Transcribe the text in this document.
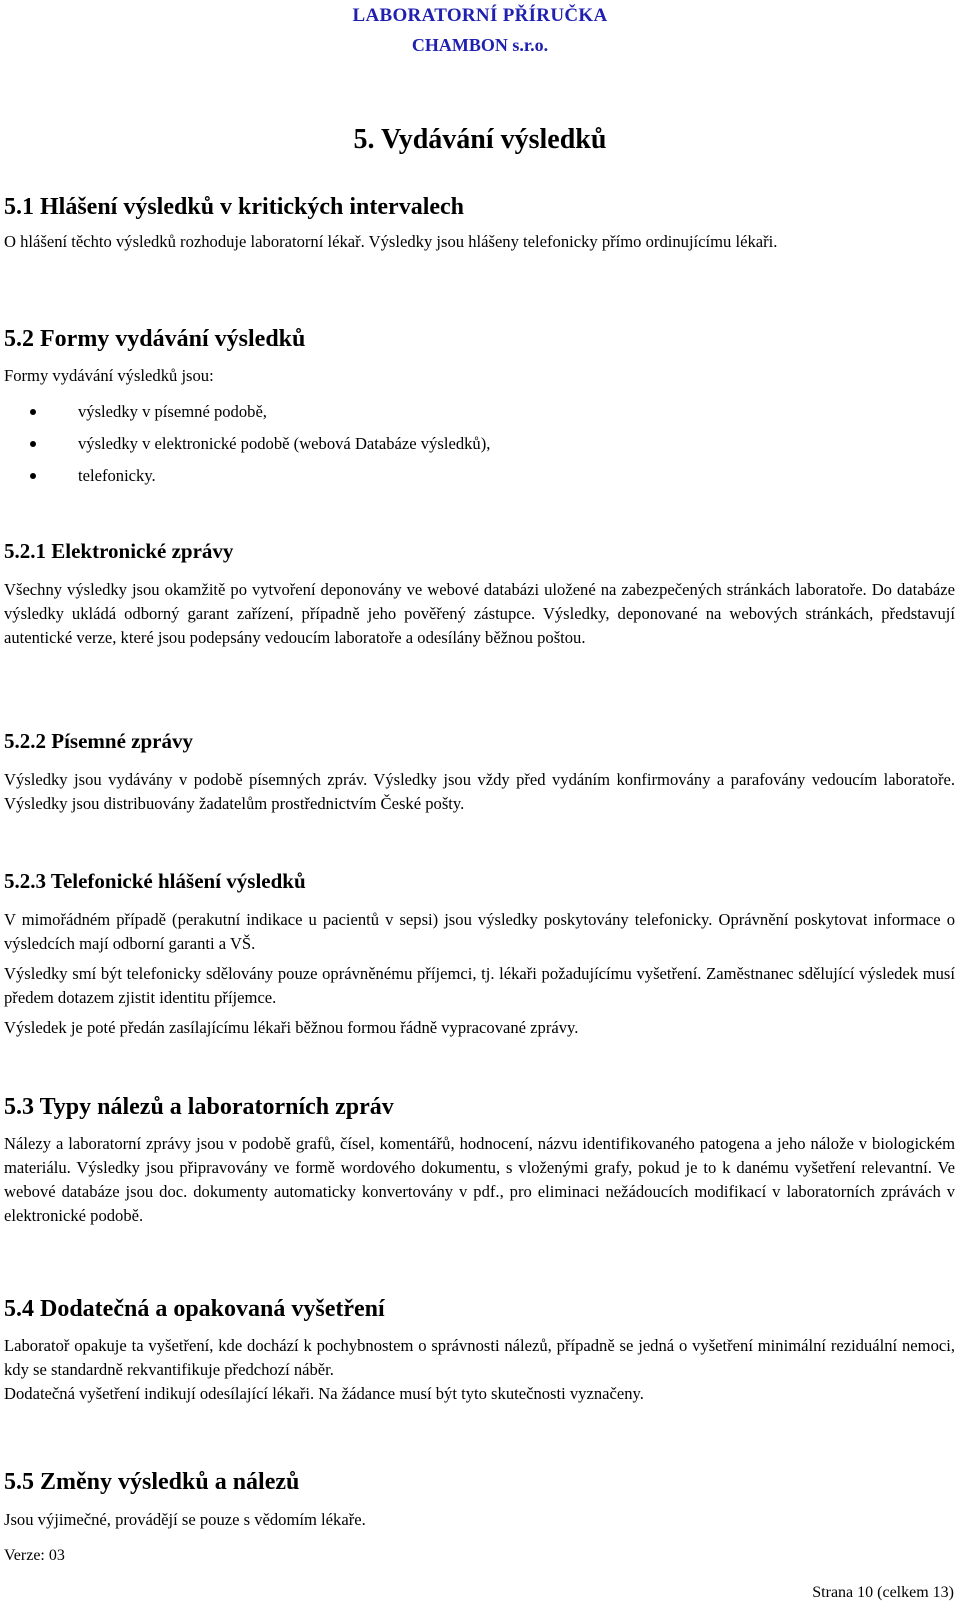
LABORATORNÍ PŘÍRUČKA
CHAMBON s.r.o.
5. Vydávání výsledků
5.1 Hlášení výsledků v kritických intervalech
O hlášení těchto výsledků rozhoduje laboratorní lékař. Výsledky jsou hlášeny telefonicky přímo ordinujícímu lékaři.
5.2 Formy vydávání výsledků
Formy vydávání výsledků jsou:
výsledky v písemné podobě,
výsledky v elektronické podobě (webová Databáze výsledků),
telefonicky.
5.2.1 Elektronické zprávy
Všechny výsledky jsou okamžitě po vytvoření deponovány ve webové databázi uložené na zabezpečených stránkách laboratoře. Do databáze výsledky ukládá odborný garant zařízení, případně jeho pověřený zástupce. Výsledky, deponované na webových stránkách, představují autentické verze, které jsou podepsány vedoucím laboratoře a odesílány běžnou poštou.
5.2.2 Písemné zprávy
Výsledky jsou vydávány v podobě písemných zpráv. Výsledky jsou vždy před vydáním konfirmovány a parafovány vedoucím laboratoře. Výsledky jsou distribuovány žadatelům prostřednictvím České pošty.
5.2.3 Telefonické hlášení výsledků
V mimořádném případě (perakutní indikace u pacientů v sepsi) jsou výsledky poskytovány telefonicky. Oprávnění poskytovat informace o výsledcích mají odborní garanti a VŠ.
Výsledky smí být telefonicky sdělovány pouze oprávněnému příjemci, tj. lékaři požadujícímu vyšetření. Zaměstnanec sdělující výsledek musí předem dotazem zjistit identitu příjemce.
Výsledek je poté předán zasílajícímu lékaři běžnou formou řádně vypracované zprávy.
5.3 Typy nálezů a laboratorních zpráv
Nálezy a laboratorní zprávy jsou v podobě grafů, čísel, komentářů, hodnocení, názvu identifikovaného patogena a jeho nálože v biologickém materiálu. Výsledky jsou připravovány ve formě wordového dokumentu, s vloženými grafy, pokud je to k danému vyšetření relevantní. Ve webové databáze jsou doc. dokumenty automaticky konvertovány v pdf., pro eliminaci nežádoucích modifikací v laboratorních zprávách v elektronické podobě.
5.4 Dodatečná a opakovaná vyšetření
Laboratoř opakuje ta vyšetření, kde dochází k pochybnostem o správnosti nálezů, případně se jedná o vyšetření minimální reziduální nemoci, kdy se standardně rekvantifikuje předchozí náběr.
Dodatečná vyšetření indikují odesílající lékaři. Na žádance musí být tyto skutečnosti vyznačeny.
5.5 Změny výsledků a nálezů
Jsou výjimečné, provádějí se pouze s vědomím lékaře.
Verze: 03
Strana 10 (celkem 13)
